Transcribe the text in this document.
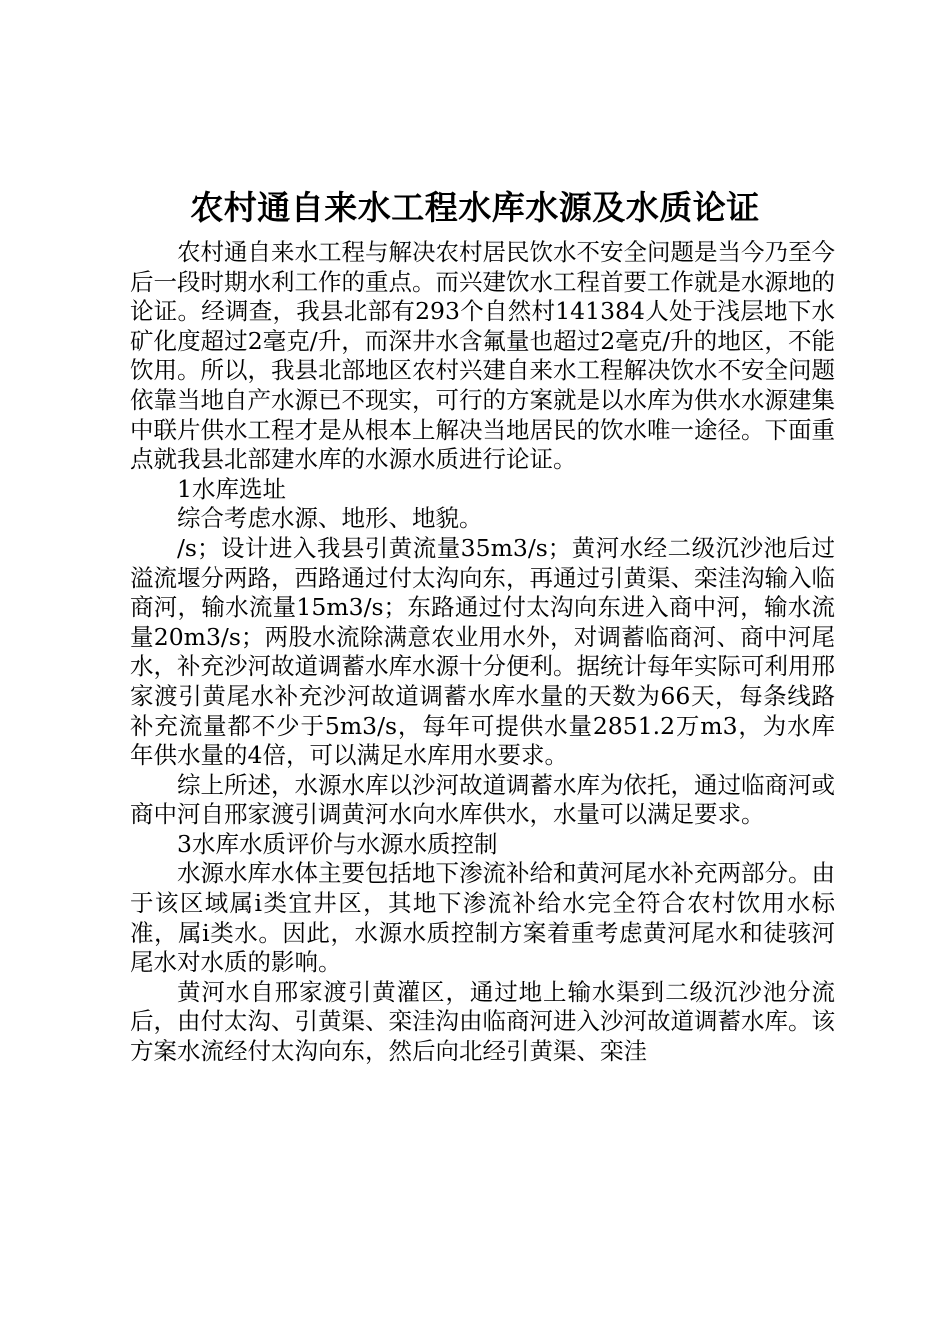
农村通自来水工程水库水源及水质论证

农村通自来水工程与解决农村居民饮水不安全问题是当今乃至今后一段时期水利工作的重点。而兴建饮水工程首要工作就是水源地的论证。经调查，我县北部有293个自然村141384人处于浅层地下水矿化度超过2毫克/升，而深井水含氟量也超过2毫克/升的地区，不能饮用。所以，我县北部地区农村兴建自来水工程解决饮水不安全问题依靠当地自产水源已不现实，可行的方案就是以水库为供水水源建集中联片供水工程才是从根本上解决当地居民的饮水唯一途径。下面重点就我县北部建水库的水源水质进行论证。

1水库选址

综合考虑水源、地形、地貌。

/s；设计进入我县引黄流量35m3/s；黄河水经二级沉沙池后过溢流堰分两路，西路通过付太沟向东，再通过引黄渠、栾洼沟输入临商河，输水流量15m3/s；东路通过付太沟向东进入商中河，输水流量20m3/s；两股水流除满意农业用水外，对调蓄临商河、商中河尾水，补充沙河故道调蓄水库水源十分便利。据统计每年实际可利用邢家渡引黄尾水补充沙河故道调蓄水库水量的天数为66天，每条线路补充流量都不少于5m3/s，每年可提供水量2851.2万m3，为水库年供水量的4倍，可以满足水库用水要求。

综上所述，水源水库以沙河故道调蓄水库为依托，通过临商河或商中河自邢家渡引调黄河水向水库供水，水量可以满足要求。

3水库水质评价与水源水质控制

水源水库水体主要包括地下渗流补给和黄河尾水补充两部分。由于该区域属ⅰ类宜井区，其地下渗流补给水完全符合农村饮用水标准，属ⅰ类水。因此，水源水质控制方案着重考虑黄河尾水和徒骇河尾水对水质的影响。

黄河水自邢家渡引黄灌区，通过地上输水渠到二级沉沙池分流后，由付太沟、引黄渠、栾洼沟由临商河进入沙河故道调蓄水库。该方案水流经付太沟向东，然后向北经引黄渠、栾洼
